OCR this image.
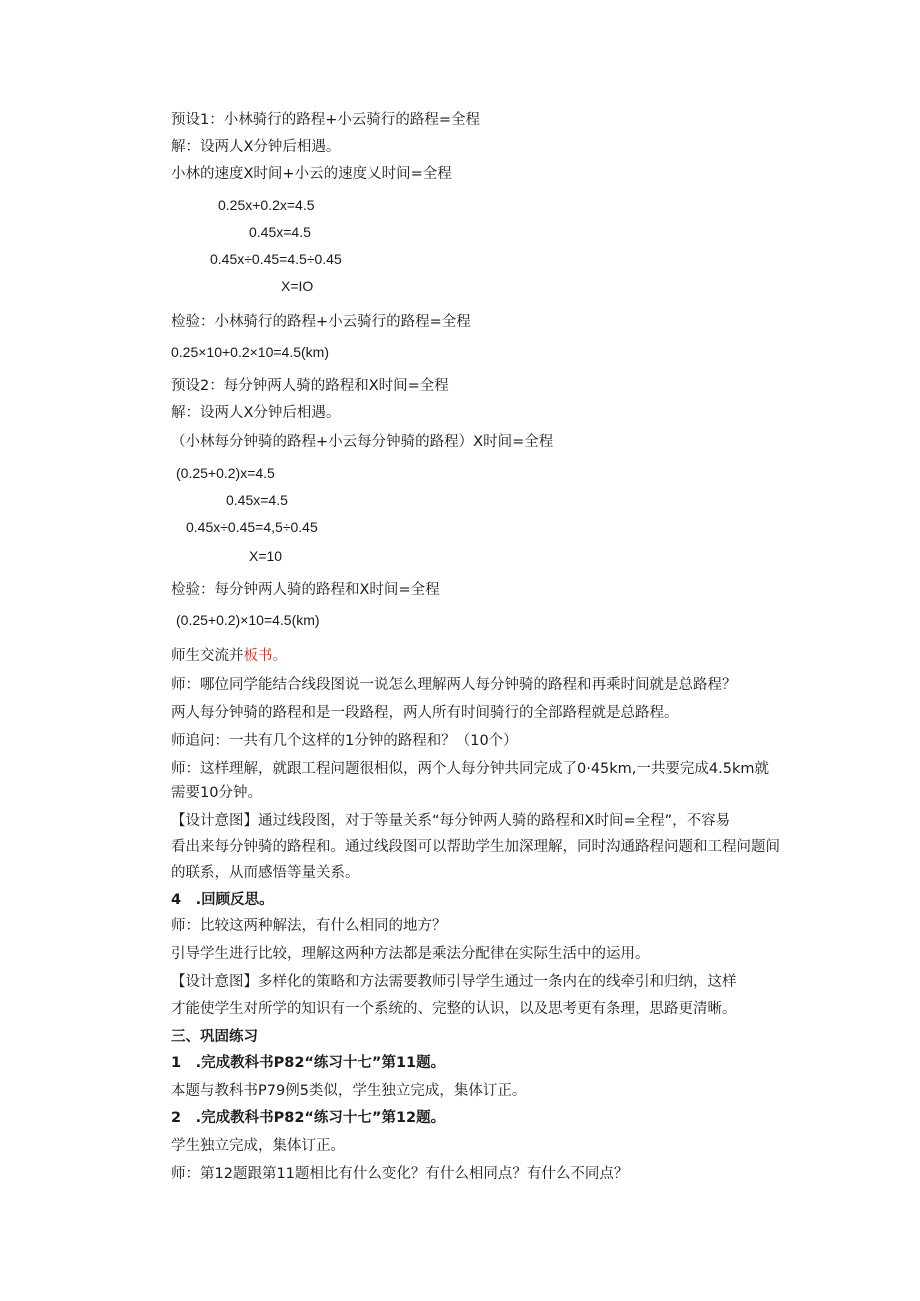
预设1：小林骑行的路程+小云骑行的路程=全程
解：设两人X分钟后相遇。
小林的速度X时间+小云的速度乂时间=全程
0.25x+0.2x=4.5
0.45x=4.5
0.45x÷0.45=4.5÷0.45
X=IO
检验：小林骑行的路程+小云骑行的路程=全程
0.25×10+0.2×10=4.5(km)
预设2：每分钟两人骑的路程和X时间=全程
解：设两人X分钟后相遇。
（小林每分钟骑的路程+小云每分钟骑的路程）X时间=全程
(0.25+0.2)x=4.5
0.45x=4.5
0.45x÷0.45=4,5÷0.45
X=10
检验：每分钟两人骑的路程和X时间=全程
(0.25+0.2)×10=4.5(km)
师生交流并板书。
师：哪位同学能结合线段图说一说怎么理解两人每分钟骑的路程和再乘时间就是总路程？
两人每分钟骑的路程和是一段路程，两人所有时间骑行的全部路程就是总路程。
师追问：一共有几个这样的1分钟的路程和？（10个）
师：这样理解，就跟工程问题很相似，两个人每分钟共同完成了0·45km,一共要完成4.5km就
需要10分钟。
【设计意图】通过线段图，对于等量关系“每分钟两人骑的路程和X时间=全程”，不容易
看出来每分钟骑的路程和。通过线段图可以帮助学生加深理解，同时沟通路程问题和工程问题间
的联系，从而感悟等量关系。
4　.回顾反思。
师：比较这两种解法，有什么相同的地方？
引导学生进行比较，理解这两种方法都是乘法分配律在实际生活中的运用。
【设计意图】多样化的策略和方法需要教师引导学生通过一条内在的线牵引和归纳，这样
才能使学生对所学的知识有一个系统的、完整的认识，以及思考更有条理，思路更清晰。
三、巩固练习
1　.完成教科书P82“练习十七”第11题。
本题与教科书P79例5类似，学生独立完成，集体订正。
2　.完成教科书P82“练习十七”第12题。
学生独立完成，集体订正。
师：第12题跟第11题相比有什么变化？有什么相同点？有什么不同点？
